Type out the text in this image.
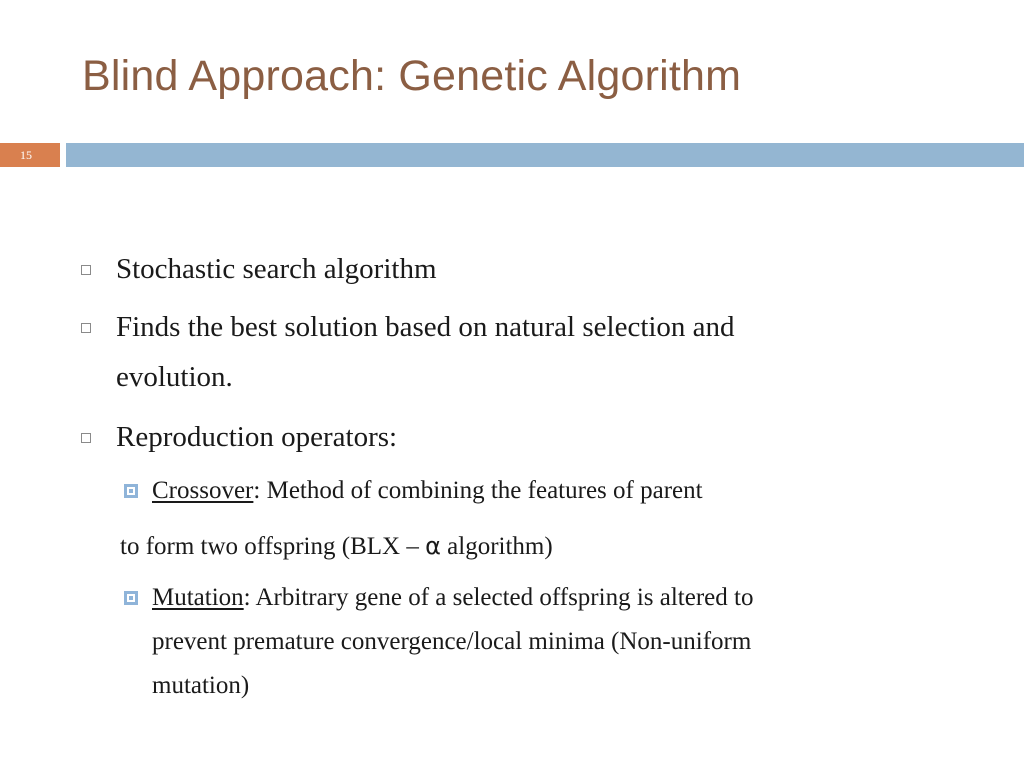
Blind Approach: Genetic Algorithm
15
Stochastic search algorithm
Finds the best solution based on natural selection and
evolution.
Reproduction operators:
Crossover: Method of combining the features of parent
to form two offspring (BLX – α algorithm)
Mutation: Arbitrary gene of a selected offspring is altered to
prevent premature convergence/local minima (Non-uniform
mutation)
